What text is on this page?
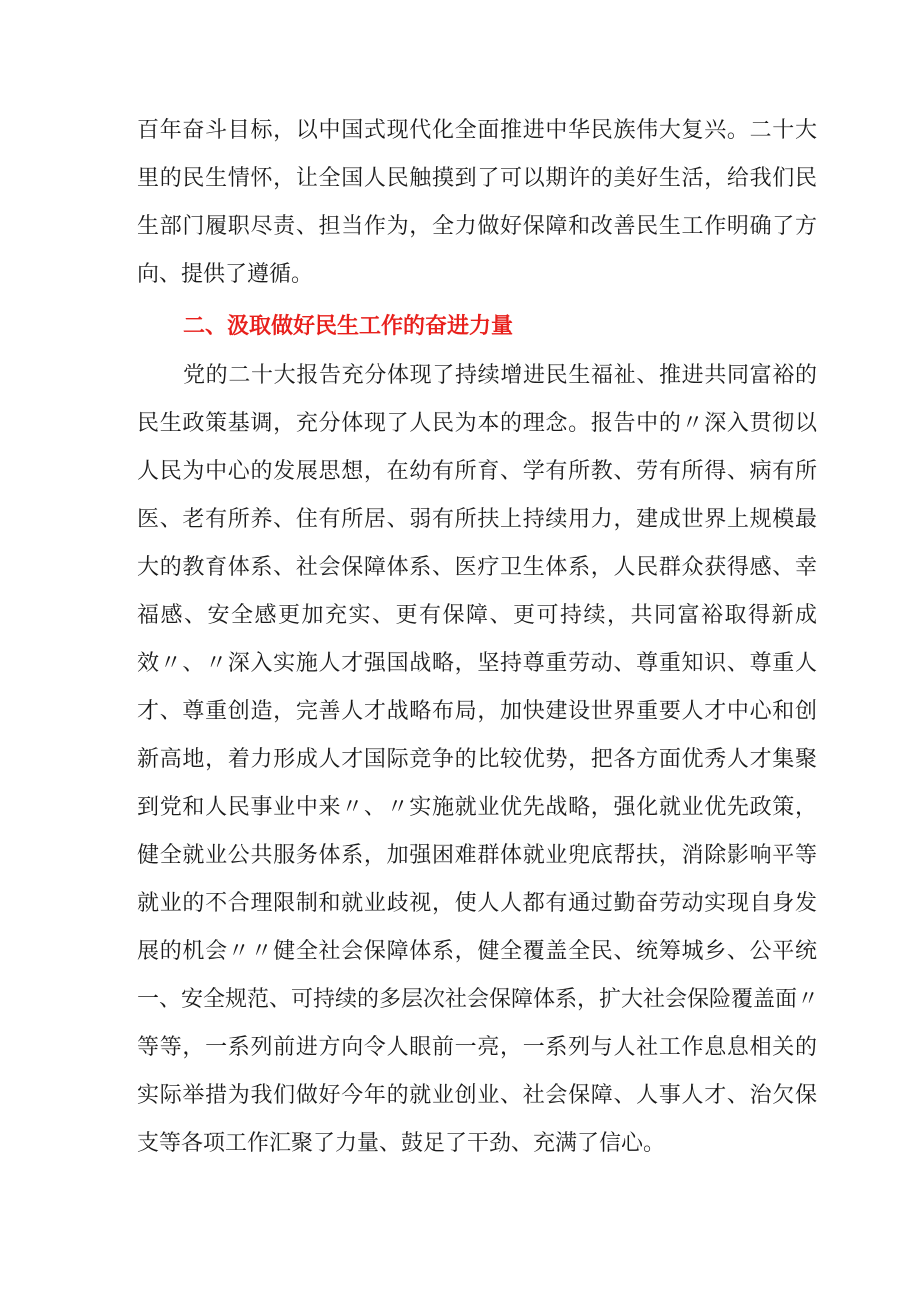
百年奋斗目标，以中国式现代化全面推进中华民族伟大复兴。二十大
里的民生情怀，让全国人民触摸到了可以期许的美好生活，给我们民
生部门履职尽责、担当作为，全力做好保障和改善民生工作明确了方
向、提供了遵循。
二、汲取做好民生工作的奋进力量
党的二十大报告充分体现了持续增进民生福祉、推进共同富裕的
民生政策基调，充分体现了人民为本的理念。报告中的〃深入贯彻以
人民为中心的发展思想，在幼有所育、学有所教、劳有所得、病有所
医、老有所养、住有所居、弱有所扶上持续用力，建成世界上规模最
大的教育体系、社会保障体系、医疗卫生体系，人民群众获得感、幸
福感、安全感更加充实、更有保障、更可持续，共同富裕取得新成
效〃、〃深入实施人才强国战略，坚持尊重劳动、尊重知识、尊重人
才、尊重创造，完善人才战略布局，加快建设世界重要人才中心和创
新高地，着力形成人才国际竞争的比较优势，把各方面优秀人才集聚
到党和人民事业中来〃、〃实施就业优先战略，强化就业优先政策，
健全就业公共服务体系，加强困难群体就业兜底帮扶，消除影响平等
就业的不合理限制和就业歧视，使人人都有通过勤奋劳动实现自身发
展的机会〃〃健全社会保障体系，健全覆盖全民、统筹城乡、公平统
一、安全规范、可持续的多层次社会保障体系，扩大社会保险覆盖面〃
等等，一系列前进方向令人眼前一亮，一系列与人社工作息息相关的
实际举措为我们做好今年的就业创业、社会保障、人事人才、治欠保
支等各项工作汇聚了力量、鼓足了干劲、充满了信心。
